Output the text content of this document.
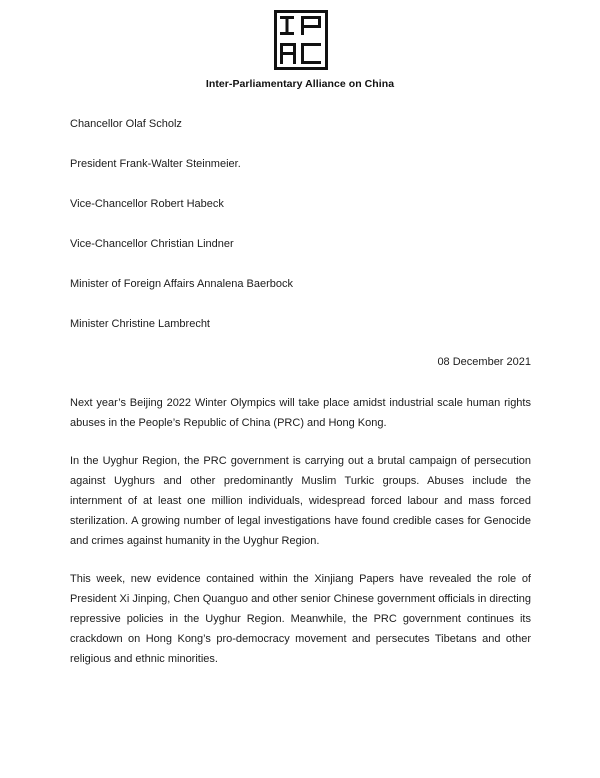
Inter-Parliamentary Alliance on China
Chancellor Olaf Scholz
President Frank-Walter Steinmeier.
Vice-Chancellor Robert Habeck
Vice-Chancellor Christian Lindner
Minister of Foreign Affairs Annalena Baerbock
Minister Christine Lambrecht
08 December 2021

Next year’s Beijing 2022 Winter Olympics will take place amidst industrial scale human rights abuses in the People’s Republic of China (PRC) and Hong Kong.

In the Uyghur Region, the PRC government is carrying out a brutal campaign of persecution against Uyghurs and other predominantly Muslim Turkic groups. Abuses include the internment of at least one million individuals, widespread forced labour and mass forced sterilization. A growing number of legal investigations have found credible cases for Genocide and crimes against humanity in the Uyghur Region.

This week, new evidence contained within the Xinjiang Papers have revealed the role of President Xi Jinping, Chen Quanguo and other senior Chinese government officials in directing repressive policies in the Uyghur Region. Meanwhile, the PRC government continues its crackdown on Hong Kong’s pro-democracy movement and persecutes Tibetans and other religious and ethnic minorities.
